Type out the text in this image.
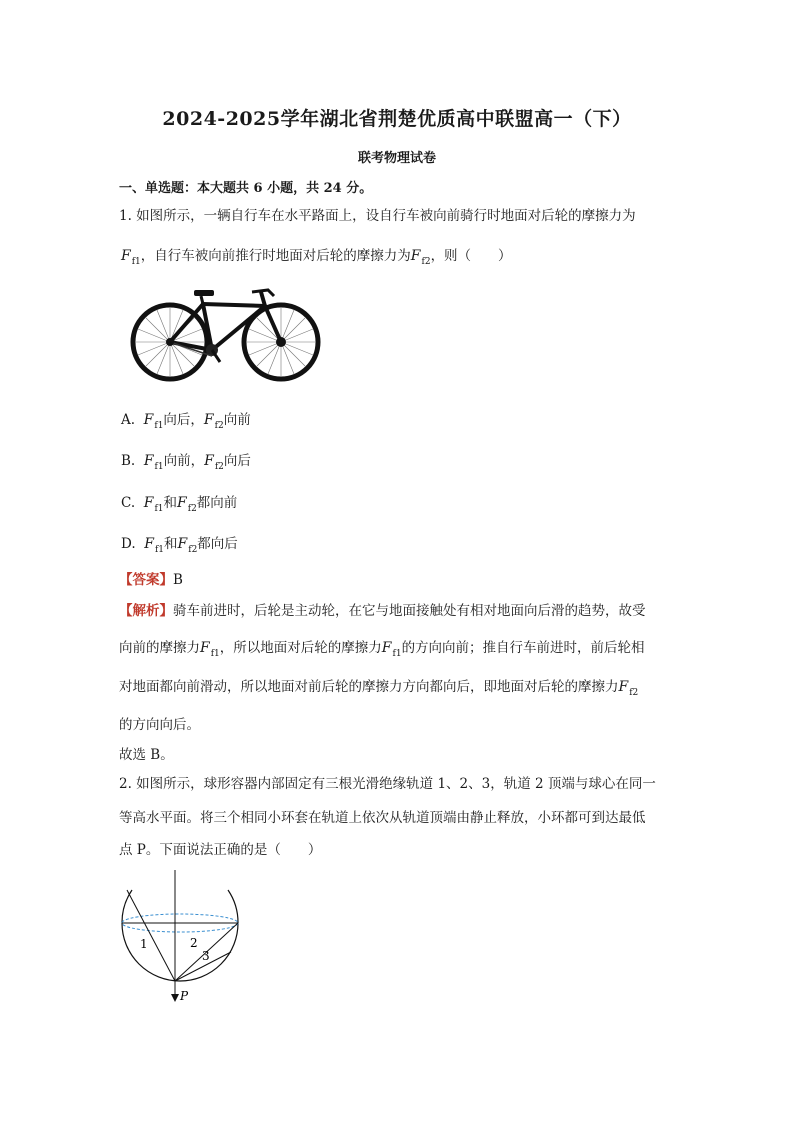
2024-2025学年湖北省荆楚优质高中联盟高一（下）
联考物理试卷
一、单选题：本大题共 6 小题，共 24 分。
1. 如图所示，一辆自行车在水平路面上，设自行车被向前骑行时地面对后轮的摩擦力为
$F_{f1}$，自行车被向前推行时地面对后轮的摩擦力为$F_{f2}$，则（　　）
A. $F_{f1}$向后，$F_{f2}$向前
B. $F_{f1}$向前，$F_{f2}$向后
C. $F_{f1}$和$F_{f2}$都向前
D. $F_{f1}$和$F_{f2}$都向后
【答案】B
【解析】骑车前进时，后轮是主动轮，在它与地面接触处有相对地面向后滑的趋势，故受
向前的摩擦力$F_{f1}$，所以地面对后轮的摩擦力$F_{f1}$的方向向前；推自行车前进时，前后轮相
对地面都向前滑动，所以地面对前后轮的摩擦力方向都向后，即地面对后轮的摩擦力$F_{f2}$
的方向向后。
故选 B。
2. 如图所示，球形容器内部固定有三根光滑绝缘轨道 1、2、3，轨道 2 顶端与球心在同一
等高水平面。将三个相同小环套在轨道上依次从轨道顶端由静止释放，小环都可到达最低
点 P。下面说法正确的是（　　）
1	2
3
P
